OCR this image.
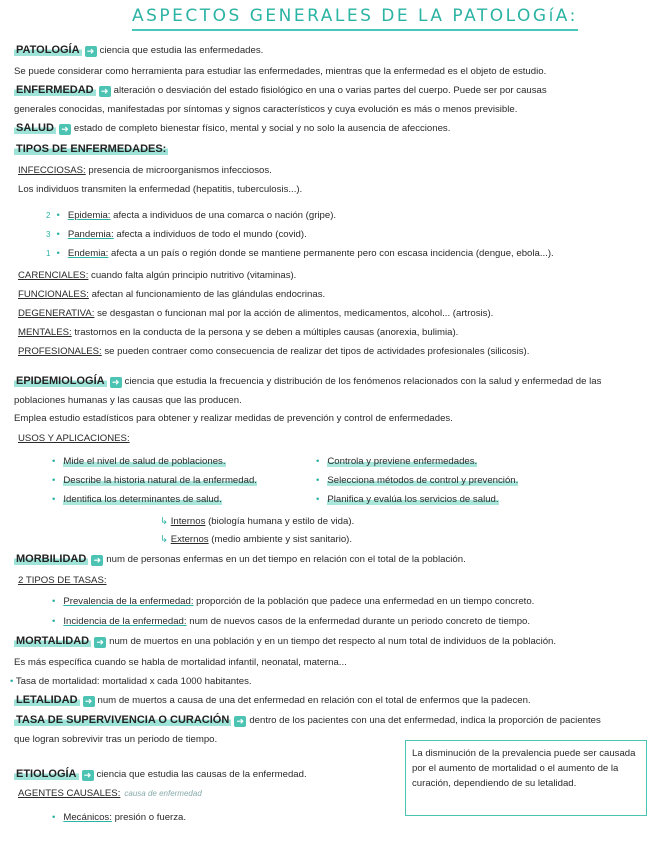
ASPECTOS GENERALES DE LA PATOLOGíA:
PATOLOGÍA ➜ ciencia que estudia las enfermedades.
Se puede considerar como herramienta para estudiar las enfermedades, mientras que la enfermedad es el objeto de estudio.
ENFERMEDAD ➜ alteración o desviación del estado fisiológico en una o varias partes del cuerpo. Puede ser por causas
generales conocidas, manifestadas por síntomas y signos característicos y cuya evolución es más o menos previsible.
SALUD ➜ estado de completo bienestar físico, mental y social y no solo la ausencia de afecciones.
TIPOS DE ENFERMEDADES:
INFECCIOSAS: presencia de microorganismos infecciosos.
Los individuos transmiten la enfermedad (hepatitis, tuberculosis...).
2 • Epidemia: afecta a individuos de una comarca o nación (gripe).
3 • Pandemia: afecta a individuos de todo el mundo (covid).
1 • Endemia: afecta a un país o región donde se mantiene permanente pero con escasa incidencia (dengue, ebola...).
CARENCIALES: cuando falta algún principio nutritivo (vitaminas).
FUNCIONALES: afectan al funcionamiento de las glándulas endocrinas.
DEGENERATIVA: se desgastan o funcionan mal por la acción de alimentos, medicamentos, alcohol... (artrosis).
MENTALES: trastornos en la conducta de la persona y se deben a múltiples causas (anorexia, bulimia).
PROFESIONALES: se pueden contraer como consecuencia de realizar det tipos de actividades profesionales (silicosis).
EPIDEMIOLOGÍA ➜ ciencia que estudia la frecuencia y distribución de los fenómenos relacionados con la salud y enfermedad de las
poblaciones humanas y las causas que las producen.
Emplea estudio estadísticos para obtener y realizar medidas de prevención y control de enfermedades.
USOS Y APLICACIONES:
• Mide el nivel de salud de poblaciones.
• Describe la historia natural de la enfermedad.
• Identifica los determinantes de salud.
• Controla y previene enfermedades.
• Selecciona métodos de control y prevención.
• Planifica y evalúa los servicios de salud.
↳ Internos (biología humana y estilo de vida).
↳ Externos (medio ambiente y sist sanitario).
MORBILIDAD ➜ num de personas enfermas en un det tiempo en relación con el total de la población.
2 TIPOS DE TASAS:
• Prevalencia de la enfermedad: proporción de la población que padece una enfermedad en un tiempo concreto.
• Incidencia de la enfermedad: num de nuevos casos de la enfermedad durante un periodo concreto de tiempo.
MORTALIDAD ➜ num de muertos en una población y en un tiempo det respecto al num total de individuos de la población.
Es más específica cuando se habla de mortalidad infantil, neonatal, materna...
• Tasa de mortalidad: mortalidad x cada 1000 habitantes.
LETALIDAD ➜ num de muertos a causa de una det enfermedad en relación con el total de enfermos que la padecen.
TASA DE SUPERVIVENCIA O CURACIÓN ➜ dentro de los pacientes con una det enfermedad, indica la proporción de pacientes
que logran sobrevivir tras un periodo de tiempo.
La disminución de la prevalencia puede ser causada por el aumento de mortalidad o el aumento de la curación, dependiendo de su letalidad.
ETIOLOGÍA ➜ ciencia que estudia las causas de la enfermedad.
AGENTES CAUSALES: causa de enfermedad
• Mecánicos: presión o fuerza.
